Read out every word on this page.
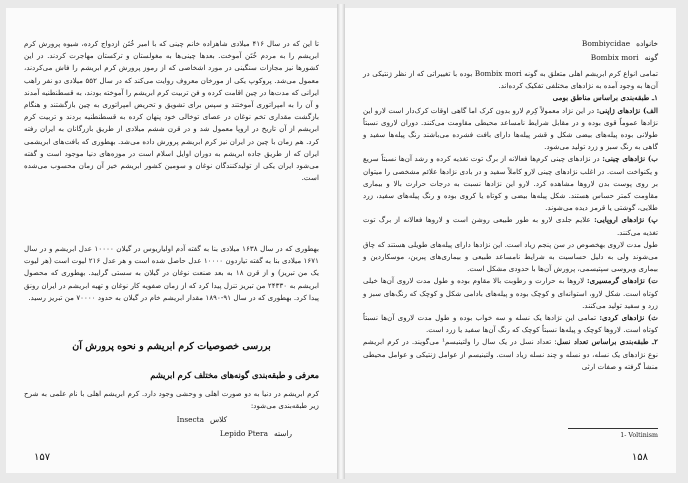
تا این که در سال ۴۱۶ میلادی شاهزاده خانم چینی که با امیر خُتَن ازدواج کرده، شیوه پرورش کرم ابریشم را به مردم خُتَن آموخت. بعدها چینی‌ها به مغولستان و ترکستان مهاجرت کردند. در این کشورها نیز مجازات سنگینی در مورد اشخاصی که از رموز پرورش کرم ابریشم را فاش می‌کردند، معمول می‌شد. پروکوپ یکی از مورخان معروف روایت می‌کند که در سال ۵۵۲ میلادی دو نفر راهب ایرانی که مدت‌ها در چین اقامت کرده و فن تربیت کرم ابریشم را آموخته بودند، به قسطنطنیه آمدند و آن را به امپراتوری آموختند و سپس برای تشویق و تحریض امپراتوری به چین بازگشتند و هنگام بازگشت مقداری تخم نوغان در عصای توخالی خود پنهان کرده به قسطنطنیه بردند و تربیت کرم ابریشم از آن تاریخ در اروپا معمول شد و در قرن ششم میلادی از طریق بازرگانان به ایران رفته کرد. هم زمان با چین در ایران نیز کرم ابریشم پرورش داده می‌شد. بهطوری که بافت‌های ابریشمی ایران که از طریق جاده ابریشم به دوران اوایل اسلام است در موزه‌های دنیا موجود است و گفته می‌شود ایران یکی از تولیدکنندگان نوغان و سومین کشور ابریشم خیز آن زمان محسوب می‌شده است.

بهطوری که در سال ۱۶۳۸ میلادی بنا به گفته آدم اولیاریوس در گیلان ۱۰۰۰۰ عدل ابریشم و در سال ۱۶۷۱ میلادی بنا به گفته تیاردون ۱۰۰۰۰ عدل حاصل شده است و هر عدل ۲۱۶ لیوت است (هر لیوت یک من تبریز) و از قرن ۱۸ به بعد صنعت نوغان در گیلان به سستی گرایید. بهطوری که محصول ابریشم به ۲۴۳۳۰ من تبریز تنزل پیدا کرد که از زمان صفویه کار نوغان و تهیه ابریشم در ایران رونق پیدا کرد. بهطوری که در سال ۹۱-۱۸۹۰ مقدار ابریشم خام در گیلان به حدود ۷۰۰۰۰ من تبریز رسید.

بررسی خصوصیات کرم ابریشم و نحوه پرورش آن
معرفی و طبقه‌بندی گونه‌های مختلف کرم ابریشم

کرم ابریشم در دنیا به دو صورت اهلی و وحشی وجود دارد. کرم ابریشم اهلی با نام علمی به شرح زیر طبقه‌بندی می‌شود:

کلاس
Insecta
راسته
Lepido Ptera
۱۵۷
خانواده
Bombiycidae
گونه
Bombix mori

تمامی انواع کرم ابریشم اهلی متعلق به گونه Bombix mori بوده با تغییراتی که از نظر ژنتیکی در آن‌ها به وجود آمده به نژادهای مختلفی تفکیک کرده‌اند.

۱ـ طبقه‌بندی براساس مناطق بومی

الف) نژادهای ژاپنی: در این نژاد معمولاً کِرم لارو بدون کرک اما گاهی اوقات کرک‌دار است لارو این نژادها عموماً قوی بوده و در مقابل شرایط نامساعد محیطی مقاومت می‌کنند. دوران لاروی نسبتاً طولانی بوده پیله‌های بیضی شکل و قشر پیله‌ها دارای بافت فشرده می‌باشند رنگ پیله‌ها سفید و گاهی به رنگ سبز و زرد تولید می‌شود.

ب) نژادهای چینی: در نژادهای چینی کرم‌ها فعالانه از برگ توت تغذیه کرده و رشد آن‌ها نسبتاً سریع و یکنواخت است. در اغلب نژادهای چینی لارو کاملاً سفید و در بادی نژادها علائم مشخصی را میتوان بر روی پوست بدن لاروها مشاهده کرد. لارو این نژادها نسبت به درجات حرارت بالا و بیماری مقاومت کمتر حساس هستند. شکل پیله‌ها بیضی و کوتاه یا کروی بوده و رنگ پیله‌های سفید، زرد طلایی، گوشتی یا قرمز دیده می‌شوند.

پ) نژادهای اروپایی: علایم جلدی لارو به طور طبیعی روشن است و لاروها فعالانه از برگ توت تغذیه می‌کنند.

طول مدت لاروی بهخصوص در سن پنجم زیاد است. این نژادها دارای پیله‌های طویلی هستند که چاق می‌شوند ولی به دلیل حساسیت به شرایط نامساعد طبیعی و بیماری‌های پبرین، موسکاردین و بیماری ویروسی سپتیسمی، پرورش آن‌ها با حدودی مشکل است.

ت) نژادهای گرمسیری: لاروها به حرارت و رطوبت بالا مقاوم بوده و طول مدت لاروی آن‌ها خیلی کوتاه است. شکل لارو، استوانه‌ای و کوچک بوده و پیله‌های باد‌امی شکل و کوچک که رنگ‌های سبز و زرد و سفید تولید می‌کنند.

ث) نژادهای کردی: تمامی این نژادها یک نسله و سه خواب بوده و طول مدت لاروی آن‌ها نسبتاً کوتاه است. لاروها کوچک و پیله‌ها نسبتاً کوچک که رنگ آن‌ها سفید یا زرد است.

۲ـ طبقه‌بندی براساس تعداد نسل: تعداد نسل در یک سال را ولتینیسم¹ می‌گویند. در کرم ابریشم نوع نژادهای یک نسله، دو نسله و چند نسله زیاد است. ولتینیسم از عوامل ژنتیکی و عوامل محیطی منشأ گرفته و صفات ارثی

1- Voltinism
۱۵۸
